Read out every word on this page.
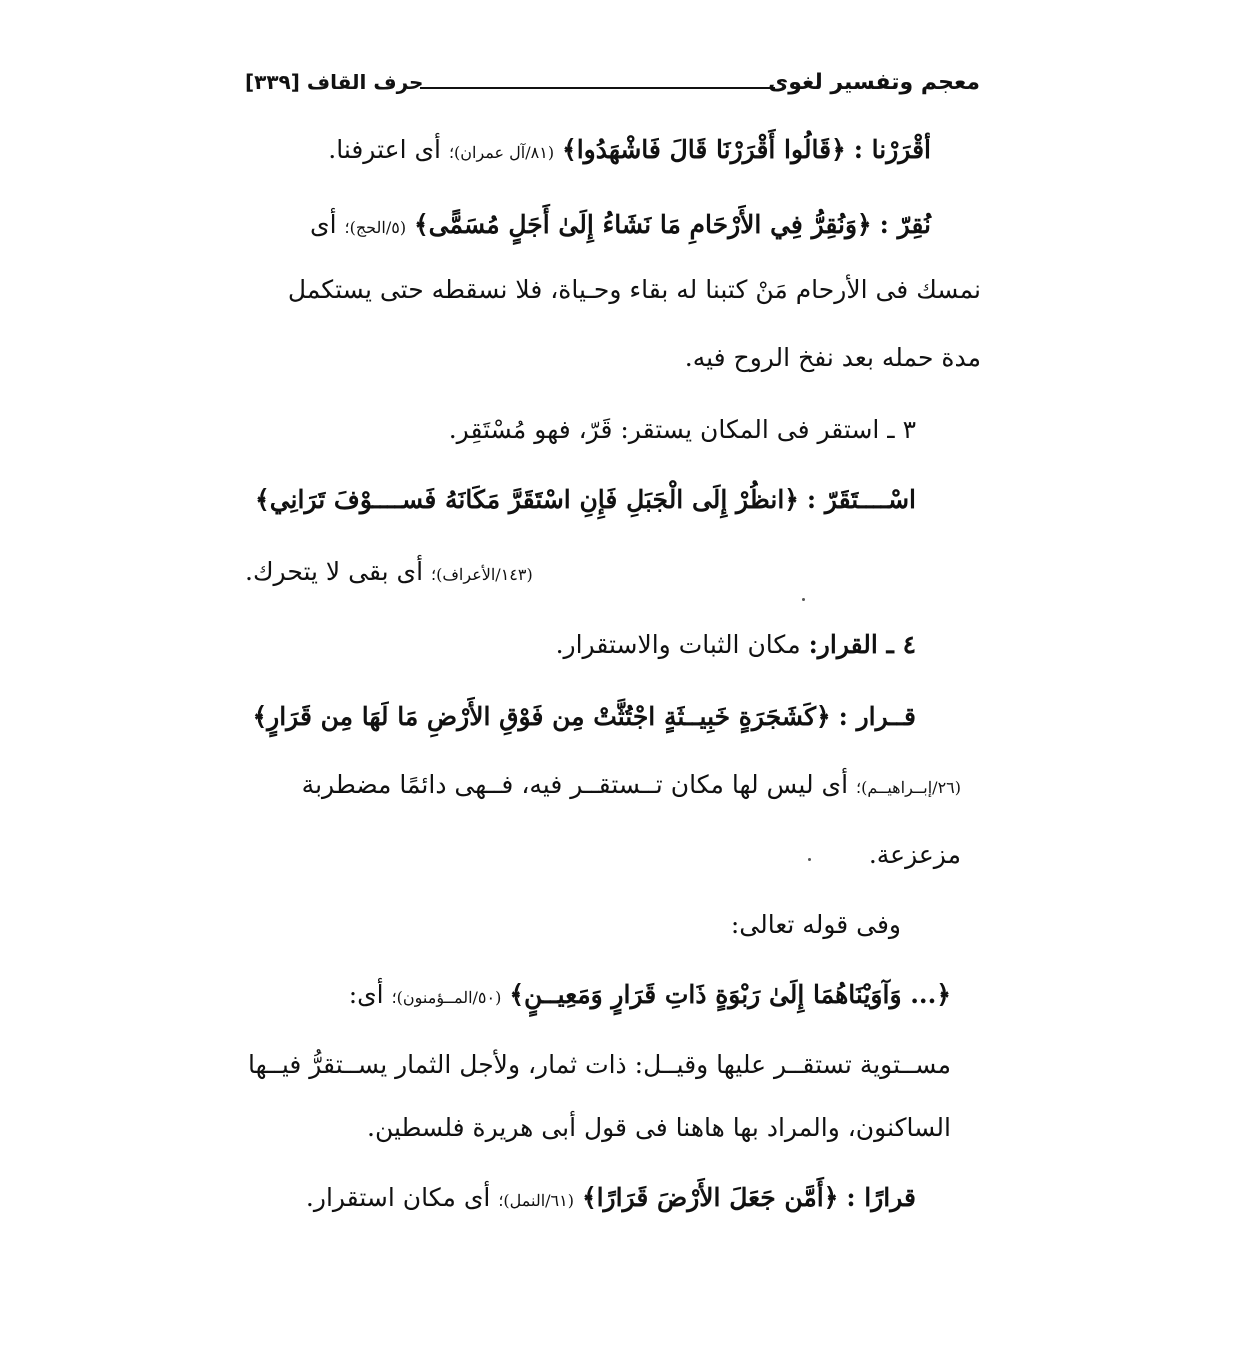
معجم وتفسير لغوى
حرف القاف [٣٣٩]
أقْرَرْنا : ﴿قَالُوا أَقْرَرْنَا قَالَ فَاشْهَدُوا﴾ (٨١/آل عمران)؛ أى اعترفنا.
نُقِرّ : ﴿وَنُقِرُّ فِي الأَرْحَامِ مَا نَشَاءُ إِلَىٰ أَجَلٍ مُسَمًّى﴾ (٥/الحج)؛ أى
نمسك فى الأرحام مَنْ كتبنا له بقاء وحـياة، فلا نسقطه حتى يستكمل
مدة حمله بعد نفخ الروح فيه.
٣ ـ استقر فى المكان يستقر: قَرّ، فهو مُسْتَقِر.
اسْــــتَقَرّ : ﴿انظُرْ إِلَى الْجَبَلِ فَإِنِ اسْتَقَرَّ مَكَانَهُ فَســــوْفَ تَرَانِي﴾
(١٤٣/الأعراف)؛ أى بقى لا يتحرك.
٤ ـ القرار: مكان الثبات والاستقرار.
قــرار : ﴿كَشَجَرَةٍ خَبِيــثَةٍ اجْتُثَّتْ مِن فَوْقِ الأَرْضِ مَا لَهَا مِن قَرَارٍ﴾
(٢٦/إبــراهيــم)؛ أى ليس لها مكان تــستقــر فيه، فــهى دائمًا مضطربة
مزعزعة.
وفى قوله تعالى:
﴿... وَآوَيْنَاهُمَا إِلَىٰ رَبْوَةٍ ذَاتِ قَرَارٍ وَمَعِيــنٍ﴾ (٥٠/المــؤمنون)؛ أى:
مســتوية تستقــر عليها وقيــل: ذات ثمار، ولأجل الثمار يســتقرُّ فيــها
الساكنون، والمراد بها هاهنا فى قول أبى هريرة فلسطين.
قرارًا : ﴿أَمَّن جَعَلَ الأَرْضَ قَرَارًا﴾ (٦١/النمل)؛ أى مكان استقرار.
